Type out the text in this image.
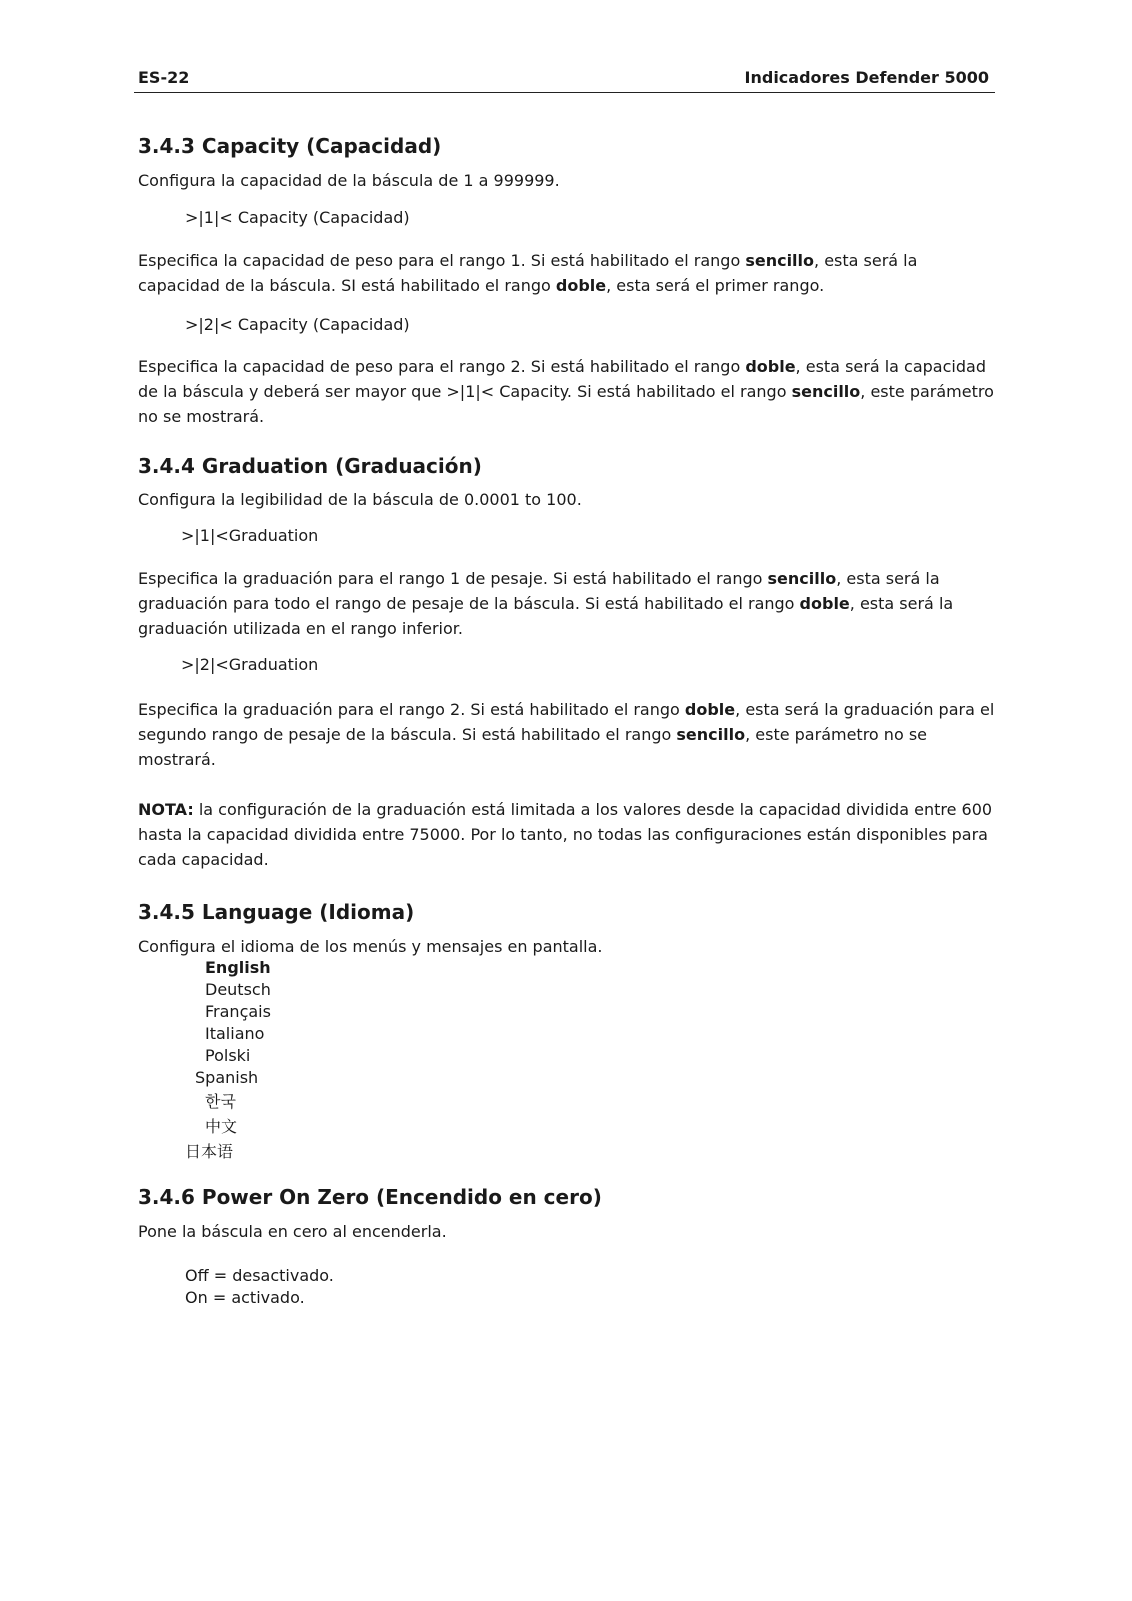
ES-22	Indicadores Defender 5000
3.4.3 Capacity (Capacidad)

Configura la capacidad de la báscula de 1 a 999999.

>|1|< Capacity (Capacidad)

Especifica la capacidad de peso para el rango 1. Si está habilitado el rango sencillo, esta será la capacidad de la báscula. SI está habilitado el rango doble, esta será el primer rango.

>|2|< Capacity (Capacidad)

Especifica la capacidad de peso para el rango 2. Si está habilitado el rango doble, esta será la capacidad de la báscula y deberá ser mayor que >|1|< Capacity. Si está habilitado el rango sencillo, este parámetro no se mostrará.

3.4.4 Graduation (Graduación)

Configura la legibilidad de la báscula de 0.0001 to 100.

>|1|<Graduation

Especifica la graduación para el rango 1 de pesaje. Si está habilitado el rango sencillo, esta será la graduación para todo el rango de pesaje de la báscula. Si está habilitado el rango doble, esta será la graduación utilizada en el rango inferior.

>|2|<Graduation

Especifica la graduación para el rango 2. Si está habilitado el rango doble, esta será la graduación para el segundo rango de pesaje de la báscula. Si está habilitado el rango sencillo, este parámetro no se mostrará.

NOTA: la configuración de la graduación está limitada a los valores desde la capacidad dividida entre 600 hasta la capacidad dividida entre 75000. Por lo tanto, no todas las configuraciones están disponibles para cada capacidad.

3.4.5 Language (Idioma)

Configura el idioma de los menús y mensajes en pantalla.

English
Deutsch
Français
Italiano
Polski
Spanish
한국
中文
日本语
3.4.6 Power On Zero (Encendido en cero)

Pone la báscula en cero al encenderla.

Off = desactivado.
On = activado.
